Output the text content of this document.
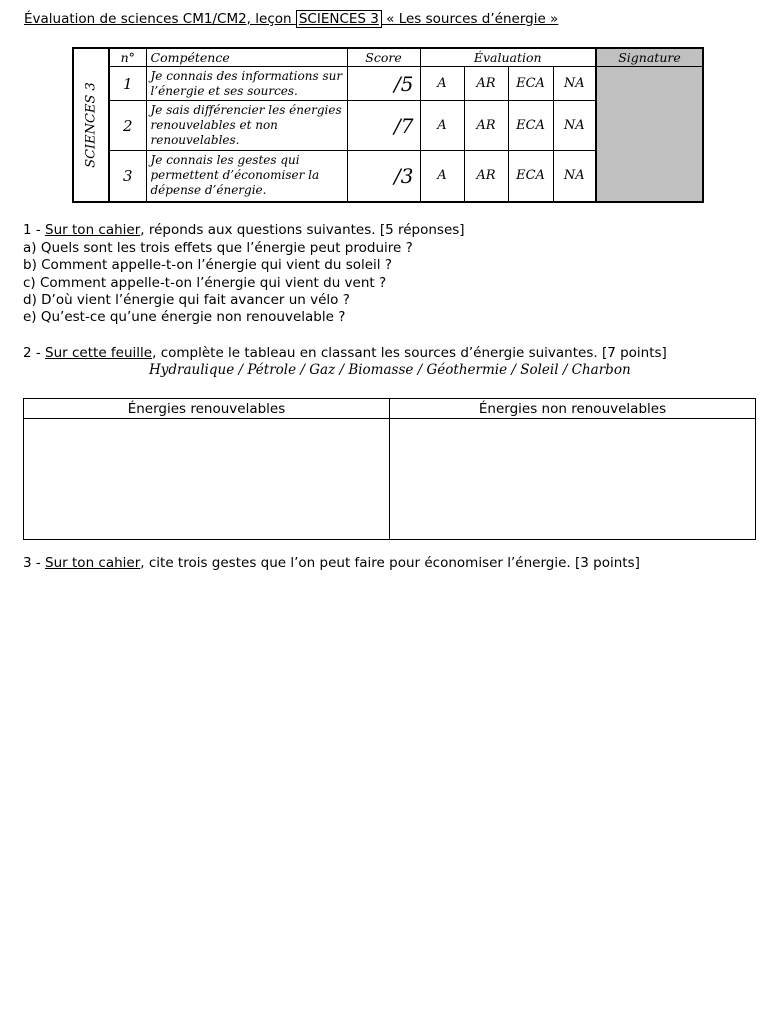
Évaluation de sciences CM1/CM2, leçon SCIENCES 3 « Les sources d’énergie »
SCIENCES 3	n°	Compétence	Score	Évaluation				Signature
	1	Je connais des informations sur l’énergie et ses sources.	/5	A	AR	ECA	NA	
	2	Je sais différencier les énergies renouvelables et non renouvelables.	/7	A	AR	ECA	NA	
	3	Je connais les gestes qui permettent d’économiser la dépense d’énergie.	/3	A	AR	ECA	NA	
1 - Sur ton cahier, réponds aux questions suivantes. [5 réponses]
a) Quels sont les trois effets que l’énergie peut produire ?
b) Comment appelle-t-on l’énergie qui vient du soleil ?
c) Comment appelle-t-on l’énergie qui vient du vent ?
d) D’où vient l’énergie qui fait avancer un vélo ?
e) Qu’est-ce qu’une énergie non renouvelable ?
2 - Sur cette feuille, complète le tableau en classant les sources d’énergie suivantes. [7 points]
Hydraulique / Pétrole / Gaz / Biomasse / Géothermie / Soleil / Charbon
Énergies renouvelables	Énergies non renouvelables

3 - Sur ton cahier, cite trois gestes que l’on peut faire pour économiser l’énergie. [3 points]
